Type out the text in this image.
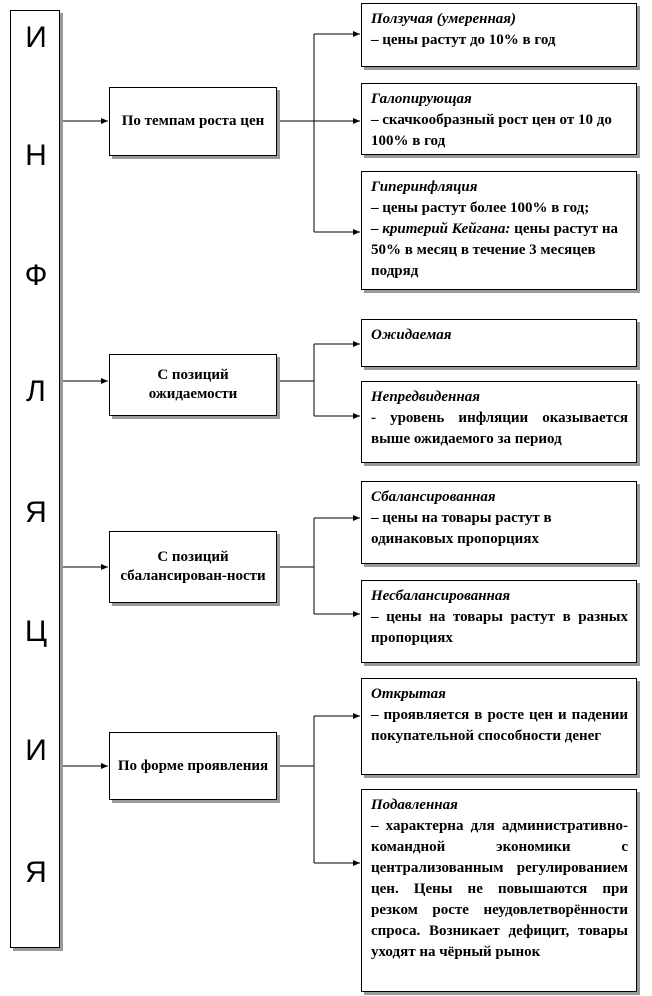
И
Н
Ф
Л
Я
Ц
И
Я
По темпам роста цен
С позиций ожидаемости
С позиций сбалансирован-ности
По форме проявления
Ползучая (умеренная)
– цены растут до 10% в год
Галопирующая
– скачкообразный рост цен от 10 до 100% в год
Гиперинфляция
– цены растут более 100% в год;
– критерий Кейгана: цены растут на 50% в месяц в течение 3 месяцев подряд
Ожидаемая
Непредвиденная
- уровень инфляции оказывается выше ожидаемого за период
Сбалансированная
– цены на товары растут в одинаковых пропорциях
Несбалансированная
– цены на товары растут в разных пропорциях
Открытая
– проявляется в росте цен и падении покупательной способности денег
Подавленная
– характерна для административно-командной экономики с централизованным регулированием цен. Цены не повышаются при резком росте неудовлетворённости спроса. Возникает дефицит, товары уходят на чёрный рынок
